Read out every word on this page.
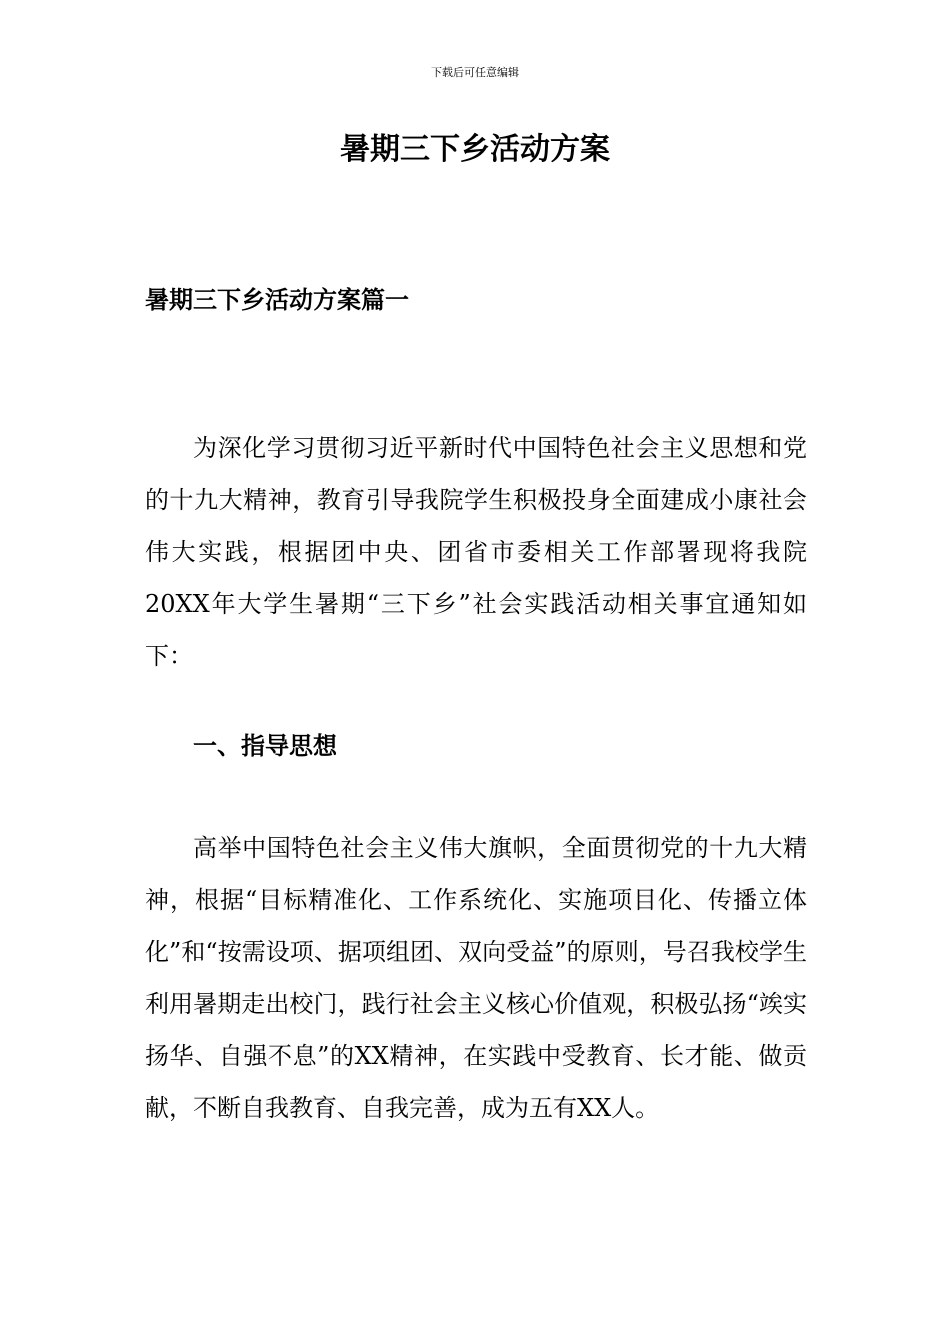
下载后可任意编辑
暑期三下乡活动方案
暑期三下乡活动方案篇一

为深化学习贯彻习近平新时代中国特色社会主义思想和党的十九大精神，教育引导我院学生积极投身全面建成小康社会伟大实践，根据团中央、团省市委相关工作部署现将我院20XX年大学生暑期“三下乡”社会实践活动相关事宜通知如下：

一、指导思想

高举中国特色社会主义伟大旗帜，全面贯彻党的十九大精神，根据“目标精准化、工作系统化、实施项目化、传播立体化”和“按需设项、据项组团、双向受益”的原则，号召我校学生利用暑期走出校门，践行社会主义核心价值观，积极弘扬“竢实扬华、自强不息”的XX精神，在实践中受教育、长才能、做贡献，不断自我教育、自我完善，成为五有XX人。
